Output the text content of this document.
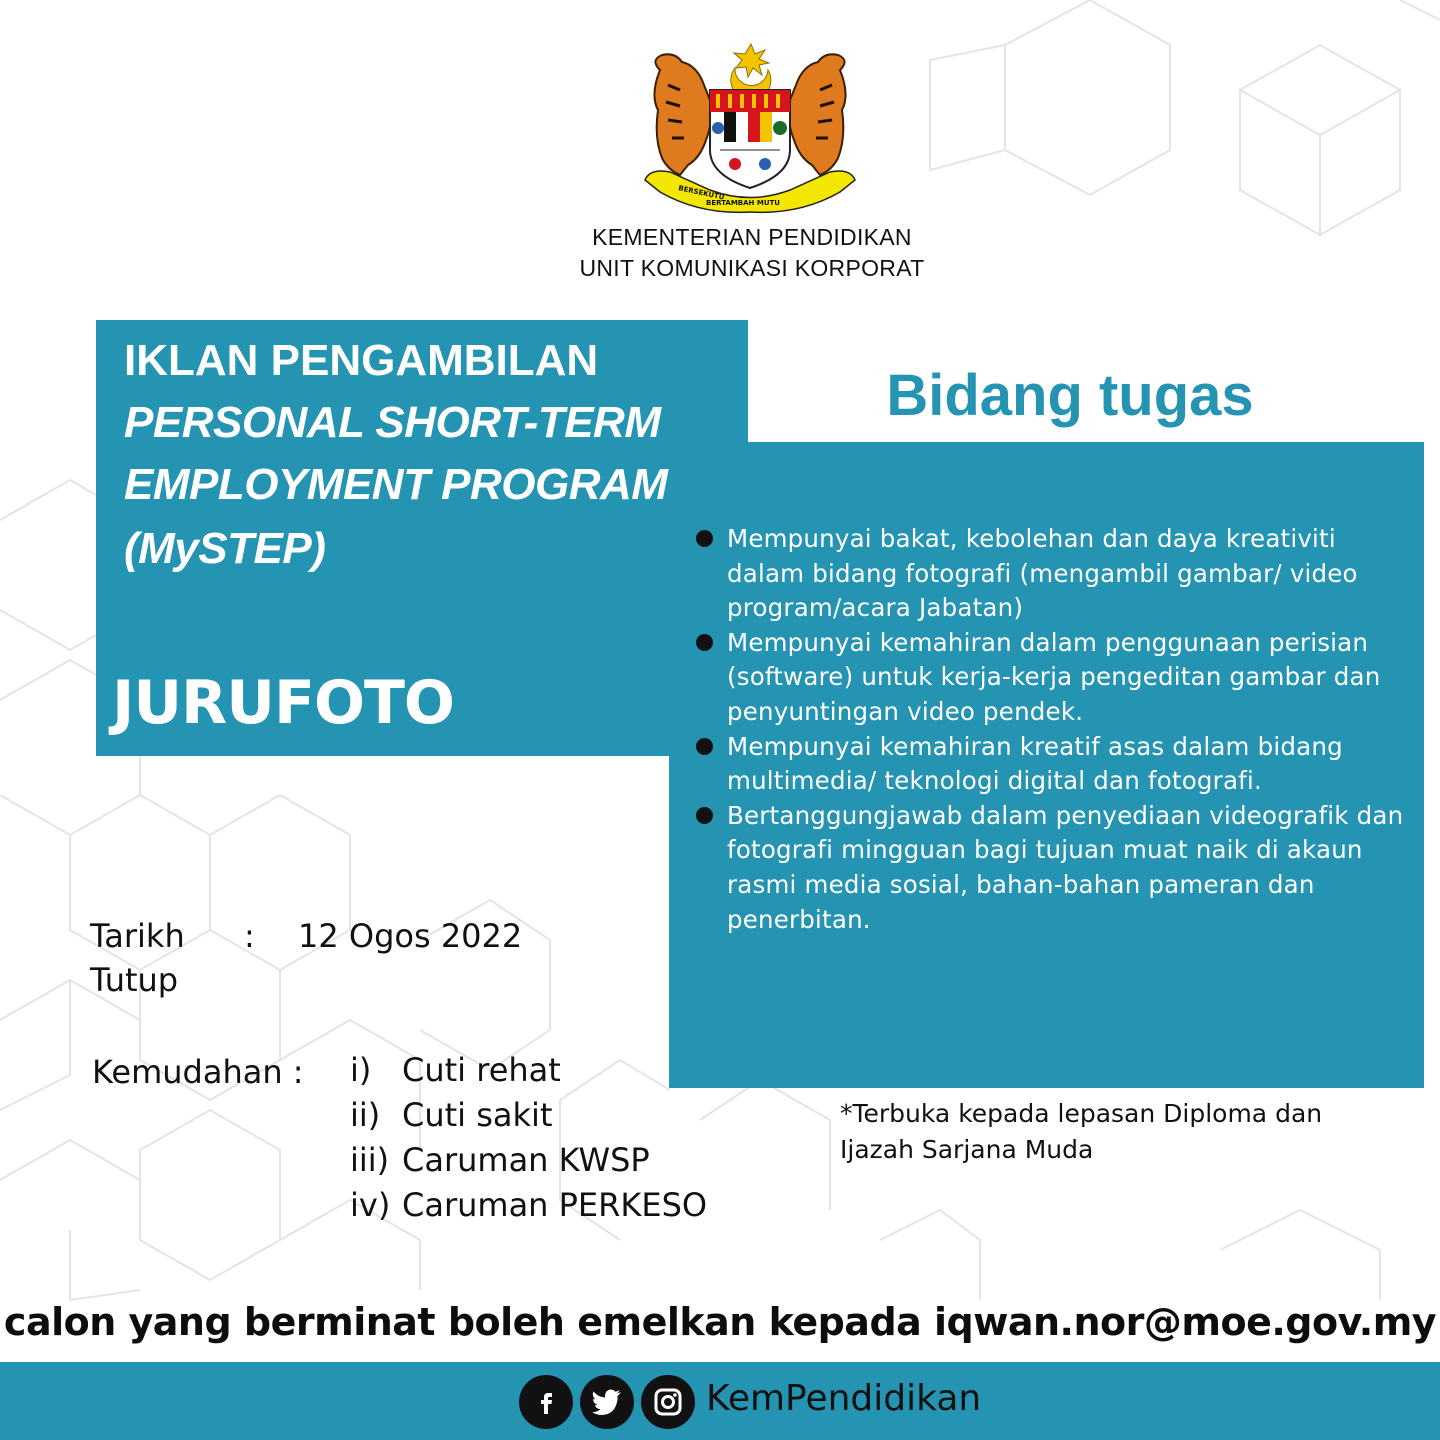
BERSEKUTU
BERTAMBAH MUTU
KEMENTERIAN PENDIDIKAN
UNIT KOMUNIKASI KORPORAT
IKLAN PENGAMBILAN
PERSONAL SHORT-TERM
EMPLOYMENT PROGRAM
(MySTEP)
JURUFOTO
Bidang tugas
Mempunyai bakat, kebolehan dan daya kreativiti dalam bidang fotografi (mengambil gambar/ video program/acara Jabatan)
Mempunyai kemahiran dalam penggunaan perisian (software) untuk kerja-kerja pengeditan gambar dan penyuntingan video pendek.
Mempunyai kemahiran kreatif asas dalam bidang multimedia/ teknologi digital dan fotografi.
Bertanggungjawab dalam penyediaan videografik dan fotografi mingguan bagi tujuan muat naik di akaun rasmi media sosial, bahan-bahan pameran dan penerbitan.
Tarikh
Tutup
: 12 Ogos 2022
Kemudahan : i) Cuti rehat
ii) Cuti sakit
iii) Caruman KWSP
iv) Caruman PERKESO
*Terbuka kepada lepasan Diploma dan Ijazah Sarjana Muda
calon yang berminat boleh emelkan kepada iqwan.nor@moe.gov.my
KemPendidikan
